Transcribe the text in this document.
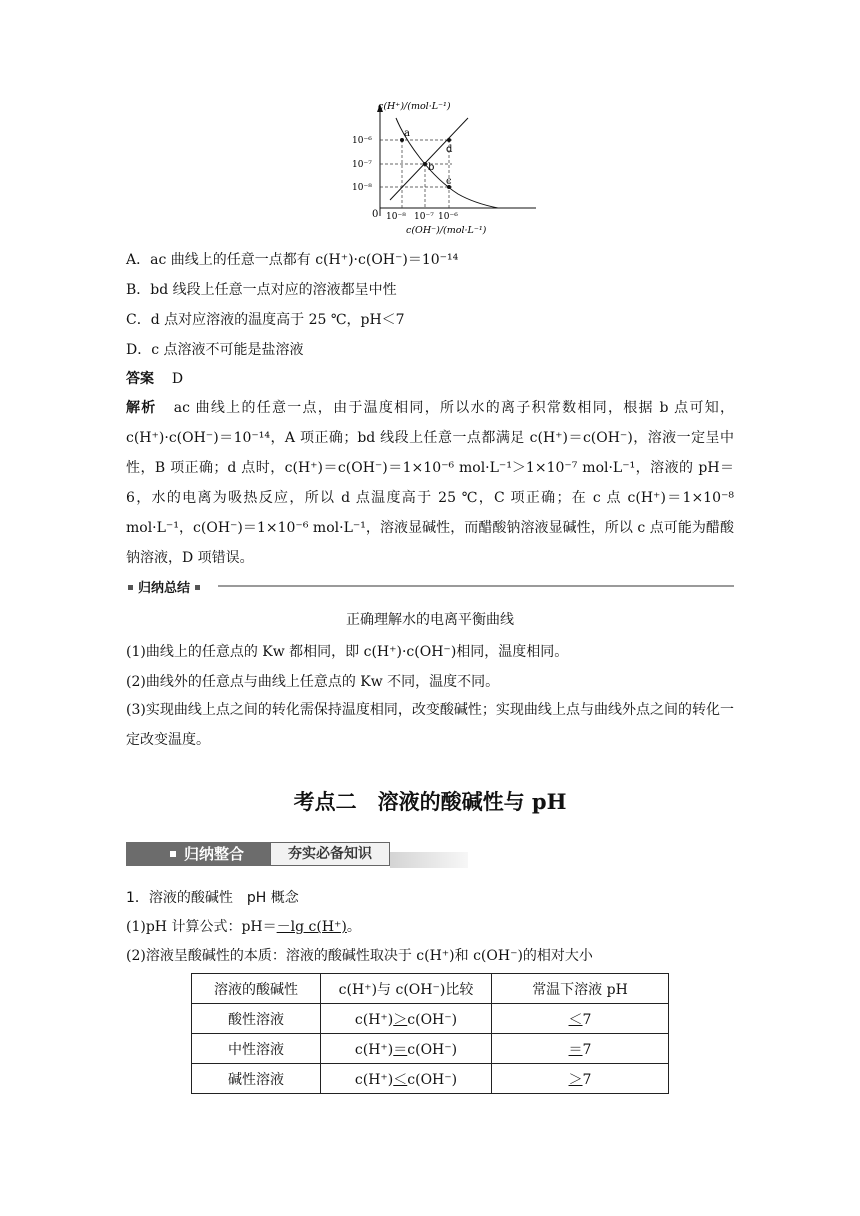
c(H⁺)/(mol·L⁻¹)
c(OH⁻)/(mol·L⁻¹)
0
10⁻⁶
10⁻⁷
10⁻⁸
10⁻⁸ 10⁻⁷ 10⁻⁶
a
b
c
d
A．ac 曲线上的任意一点都有 c(H⁺)·c(OH⁻)＝10⁻¹⁴
B．bd 线段上任意一点对应的溶液都呈中性
C．d 点对应溶液的温度高于 25 ℃，pH＜7
D．c 点溶液不可能是盐溶液
答案 D
解析 ac 曲线上的任意一点，由于温度相同，所以水的离子积常数相同，根据 b 点可知，c(H⁺)·c(OH⁻)＝10⁻¹⁴，A 项正确；bd 线段上任意一点都满足 c(H⁺)＝c(OH⁻)，溶液一定呈中性，B 项正确；d 点时，c(H⁺)＝c(OH⁻)＝1×10⁻⁶ mol·L⁻¹＞1×10⁻⁷ mol·L⁻¹，溶液的 pH＝6，水的电离为吸热反应，所以 d 点温度高于 25 ℃，C 项正确；在 c 点 c(H⁺)＝1×10⁻⁸ mol·L⁻¹，c(OH⁻)＝1×10⁻⁶ mol·L⁻¹，溶液显碱性，而醋酸钠溶液显碱性，所以 c 点可能为醋酸钠溶液，D 项错误。
归纳总结
正确理解水的电离平衡曲线
(1)曲线上的任意点的 Kw 都相同，即 c(H⁺)·c(OH⁻)相同，温度相同。
(2)曲线外的任意点与曲线上任意点的 Kw 不同，温度不同。
(3)实现曲线上点之间的转化需保持温度相同，改变酸碱性；实现曲线上点与曲线外点之间的转化一定改变温度。
考点二　溶液的酸碱性与 pH
归纳整合	夯实必备知识
1．溶液的酸碱性　pH 概念
(1)pH 计算公式：pH＝－lg c(H⁺)。
(2)溶液呈酸碱性的本质：溶液的酸碱性取决于 c(H⁺)和 c(OH⁻)的相对大小
溶液的酸碱性	c(H⁺)与 c(OH⁻)比较	常温下溶液 pH
酸性溶液	c(H⁺)＞c(OH⁻)	＜7
中性溶液	c(H⁺)＝c(OH⁻)	＝7
碱性溶液	c(H⁺)＜c(OH⁻)	＞7
